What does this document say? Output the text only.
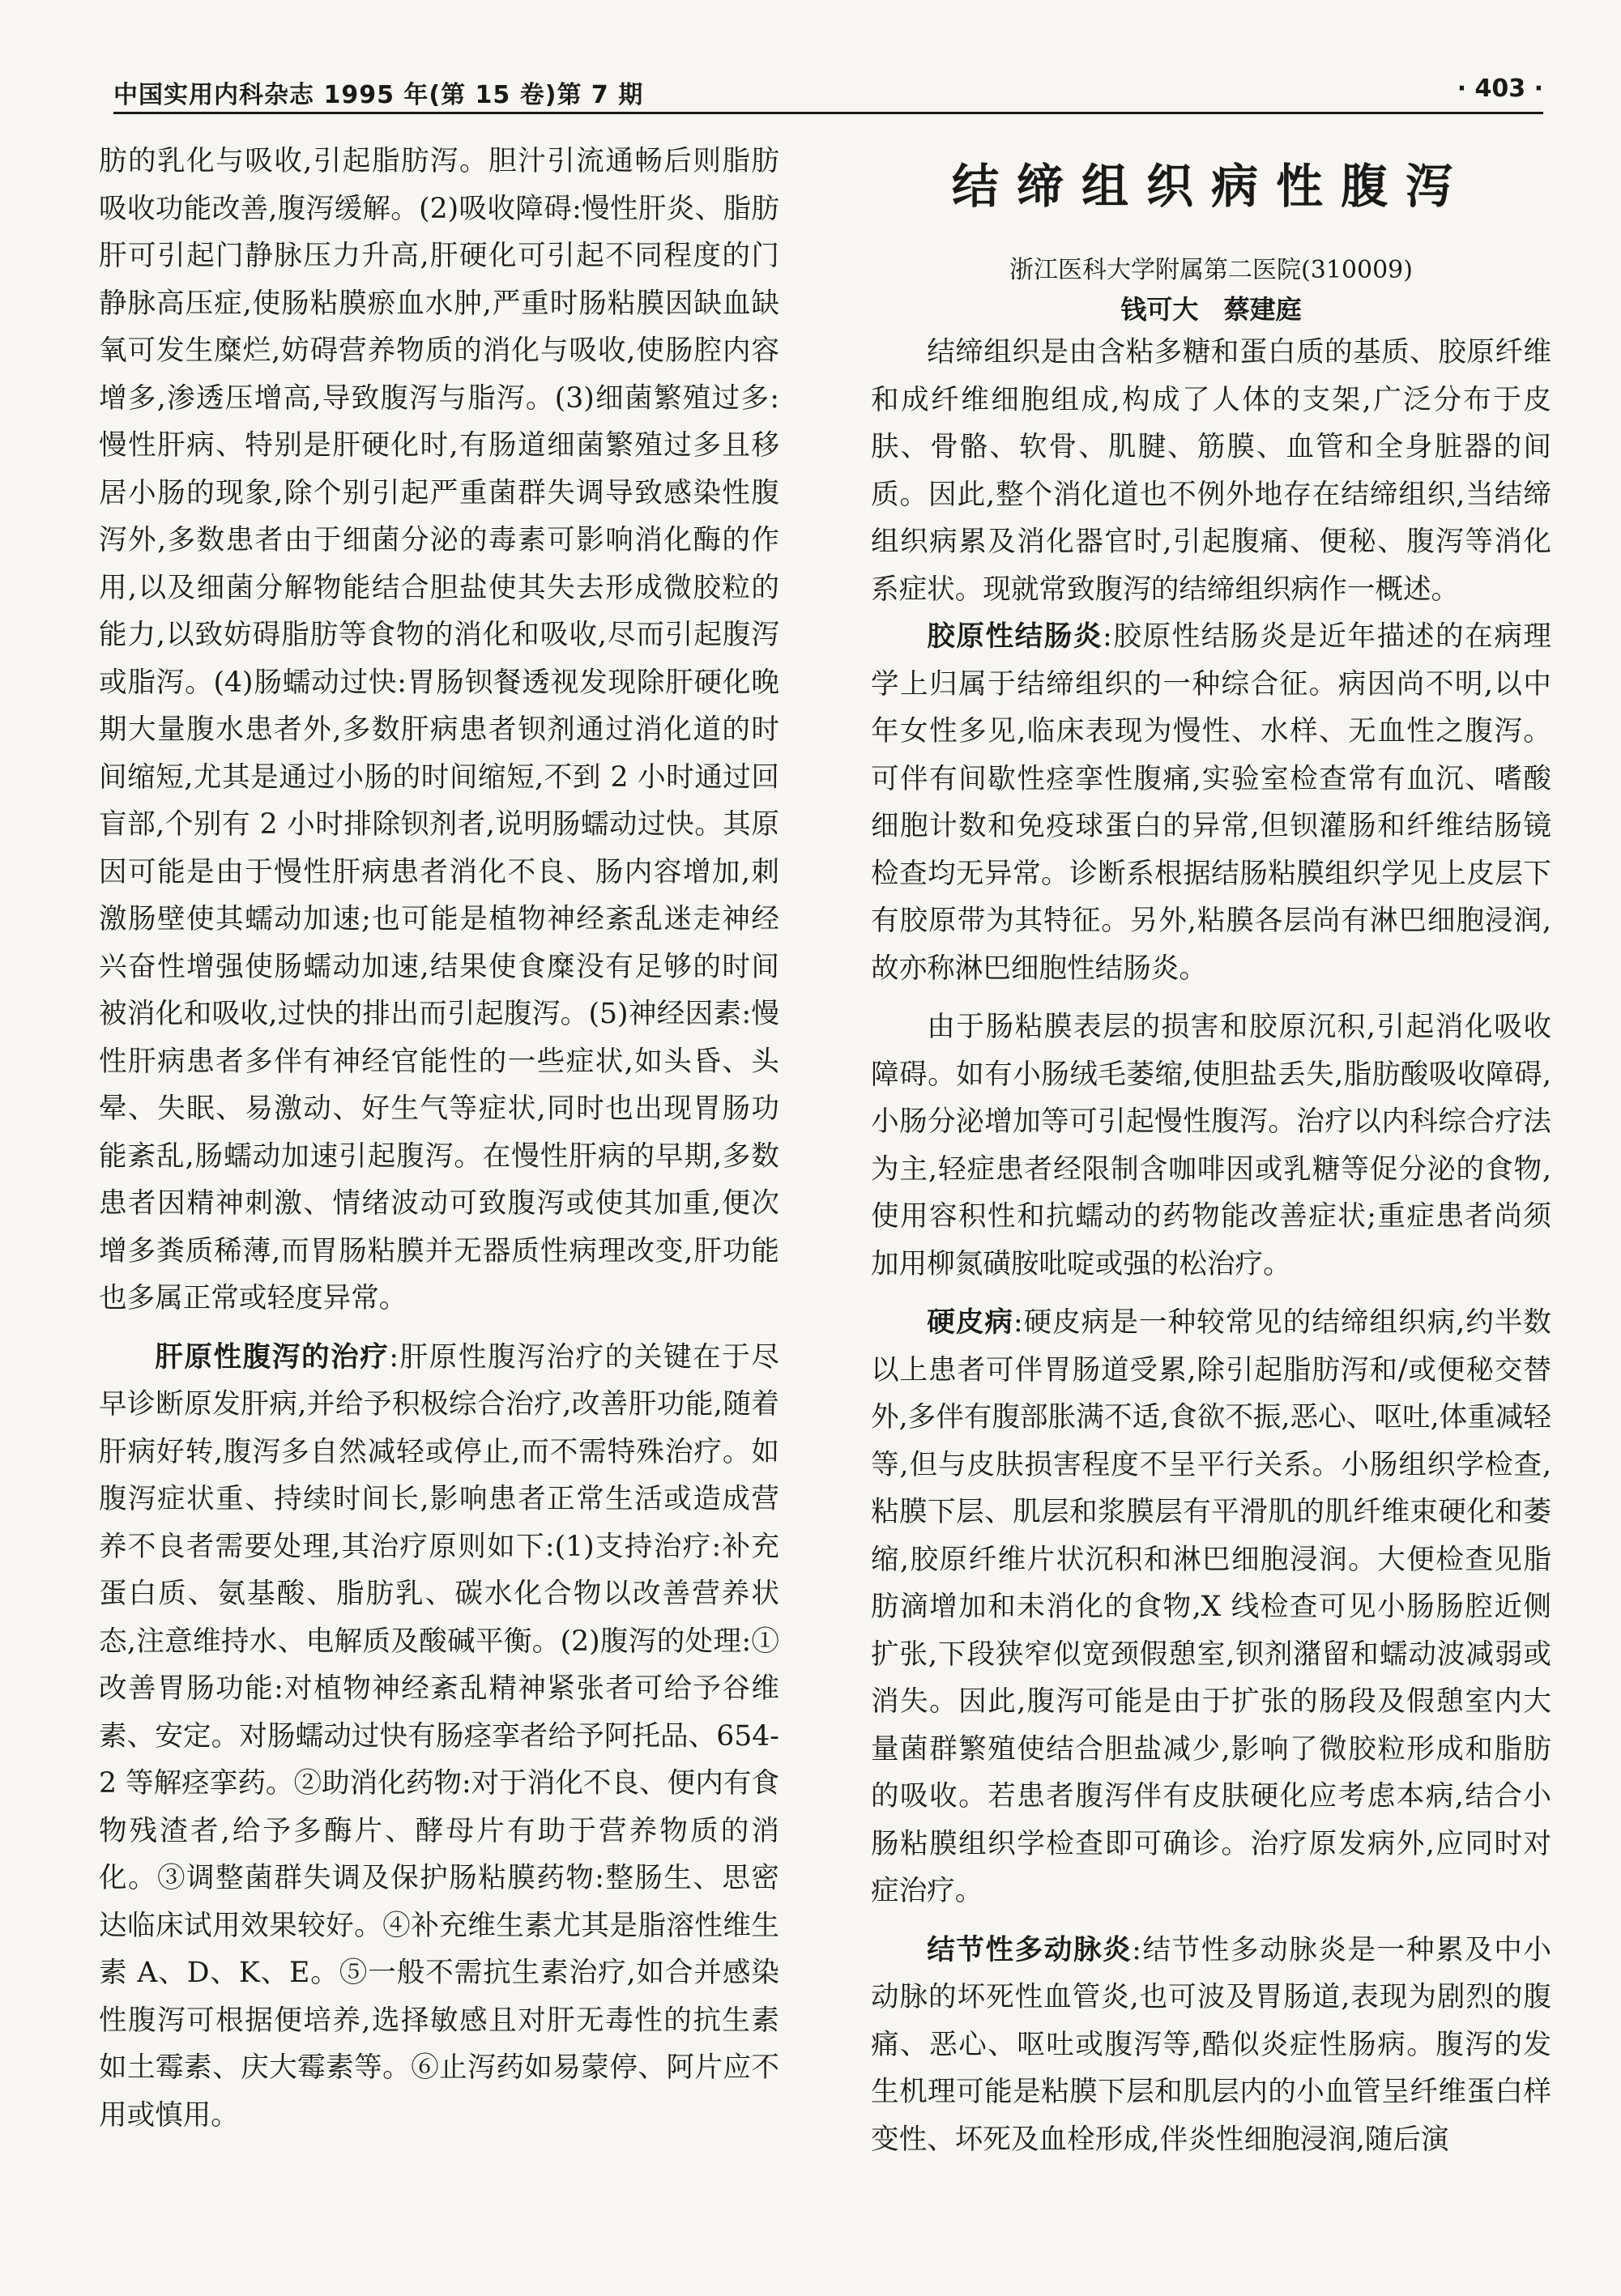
中国实用内科杂志 1995 年(第 15 卷)第 7 期	· 403 ·

肪的乳化与吸收,引起脂肪泻。胆汁引流通畅后则脂肪吸收功能改善,腹泻缓解。(2)吸收障碍:慢性肝炎、脂肪肝可引起门静脉压力升高,肝硬化可引起不同程度的门静脉高压症,使肠粘膜瘀血水肿,严重时肠粘膜因缺血缺氧可发生糜烂,妨碍营养物质的消化与吸收,使肠腔内容增多,渗透压增高,导致腹泻与脂泻。(3)细菌繁殖过多:慢性肝病、特别是肝硬化时,有肠道细菌繁殖过多且移居小肠的现象,除个别引起严重菌群失调导致感染性腹泻外,多数患者由于细菌分泌的毒素可影响消化酶的作用,以及细菌分解物能结合胆盐使其失去形成微胶粒的能力,以致妨碍脂肪等食物的消化和吸收,尽而引起腹泻或脂泻。(4)肠蠕动过快:胃肠钡餐透视发现除肝硬化晚期大量腹水患者外,多数肝病患者钡剂通过消化道的时间缩短,尤其是通过小肠的时间缩短,不到 2 小时通过回盲部,个别有 2 小时排除钡剂者,说明肠蠕动过快。其原因可能是由于慢性肝病患者消化不良、肠内容增加,刺激肠壁使其蠕动加速;也可能是植物神经紊乱迷走神经兴奋性增强使肠蠕动加速,结果使食糜没有足够的时间被消化和吸收,过快的排出而引起腹泻。(5)神经因素:慢性肝病患者多伴有神经官能性的一些症状,如头昏、头晕、失眠、易激动、好生气等症状,同时也出现胃肠功能紊乱,肠蠕动加速引起腹泻。在慢性肝病的早期,多数患者因精神刺激、情绪波动可致腹泻或使其加重,便次增多粪质稀薄,而胃肠粘膜并无器质性病理改变,肝功能也多属正常或轻度异常。

肝原性腹泻的治疗:肝原性腹泻治疗的关键在于尽早诊断原发肝病,并给予积极综合治疗,改善肝功能,随着肝病好转,腹泻多自然减轻或停止,而不需特殊治疗。如腹泻症状重、持续时间长,影响患者正常生活或造成营养不良者需要处理,其治疗原则如下:(1)支持治疗:补充蛋白质、氨基酸、脂肪乳、碳水化合物以改善营养状态,注意维持水、电解质及酸碱平衡。(2)腹泻的处理:①改善胃肠功能:对植物神经紊乱精神紧张者可给予谷维素、安定。对肠蠕动过快有肠痉挛者给予阿托品、654-2 等解痉挛药。②助消化药物:对于消化不良、便内有食物残渣者,给予多酶片、酵母片有助于营养物质的消化。③调整菌群失调及保护肠粘膜药物:整肠生、思密达临床试用效果较好。④补充维生素尤其是脂溶性维生素 A、D、K、E。⑤一般不需抗生素治疗,如合并感染性腹泻可根据便培养,选择敏感且对肝无毒性的抗生素如土霉素、庆大霉素等。⑥止泻药如易蒙停、阿片应不用或慎用。

结缔组织病性腹泻

浙江医科大学附属第二医院(310009)

钱可大 蔡建庭

结缔组织是由含粘多糖和蛋白质的基质、胶原纤维和成纤维细胞组成,构成了人体的支架,广泛分布于皮肤、骨骼、软骨、肌腱、筋膜、血管和全身脏器的间质。因此,整个消化道也不例外地存在结缔组织,当结缔组织病累及消化器官时,引起腹痛、便秘、腹泻等消化系症状。现就常致腹泻的结缔组织病作一概述。

胶原性结肠炎:胶原性结肠炎是近年描述的在病理学上归属于结缔组织的一种综合征。病因尚不明,以中年女性多见,临床表现为慢性、水样、无血性之腹泻。可伴有间歇性痉挛性腹痛,实验室检查常有血沉、嗜酸细胞计数和免疫球蛋白的异常,但钡灌肠和纤维结肠镜检查均无异常。诊断系根据结肠粘膜组织学见上皮层下有胶原带为其特征。另外,粘膜各层尚有淋巴细胞浸润,故亦称淋巴细胞性结肠炎。

由于肠粘膜表层的损害和胶原沉积,引起消化吸收障碍。如有小肠绒毛萎缩,使胆盐丢失,脂肪酸吸收障碍,小肠分泌增加等可引起慢性腹泻。治疗以内科综合疗法为主,轻症患者经限制含咖啡因或乳糖等促分泌的食物,使用容积性和抗蠕动的药物能改善症状;重症患者尚须加用柳氮磺胺吡啶或强的松治疗。

硬皮病:硬皮病是一种较常见的结缔组织病,约半数以上患者可伴胃肠道受累,除引起脂肪泻和/或便秘交替外,多伴有腹部胀满不适,食欲不振,恶心、呕吐,体重减轻等,但与皮肤损害程度不呈平行关系。小肠组织学检查,粘膜下层、肌层和浆膜层有平滑肌的肌纤维束硬化和萎缩,胶原纤维片状沉积和淋巴细胞浸润。大便检查见脂肪滴增加和未消化的食物,X 线检查可见小肠肠腔近侧扩张,下段狭窄似宽颈假憩室,钡剂潴留和蠕动波减弱或消失。因此,腹泻可能是由于扩张的肠段及假憩室内大量菌群繁殖使结合胆盐减少,影响了微胶粒形成和脂肪的吸收。若患者腹泻伴有皮肤硬化应考虑本病,结合小肠粘膜组织学检查即可确诊。治疗原发病外,应同时对症治疗。

结节性多动脉炎:结节性多动脉炎是一种累及中小动脉的坏死性血管炎,也可波及胃肠道,表现为剧烈的腹痛、恶心、呕吐或腹泻等,酷似炎症性肠病。腹泻的发生机理可能是粘膜下层和肌层内的小血管呈纤维蛋白样变性、坏死及血栓形成,伴炎性细胞浸润,随后演
